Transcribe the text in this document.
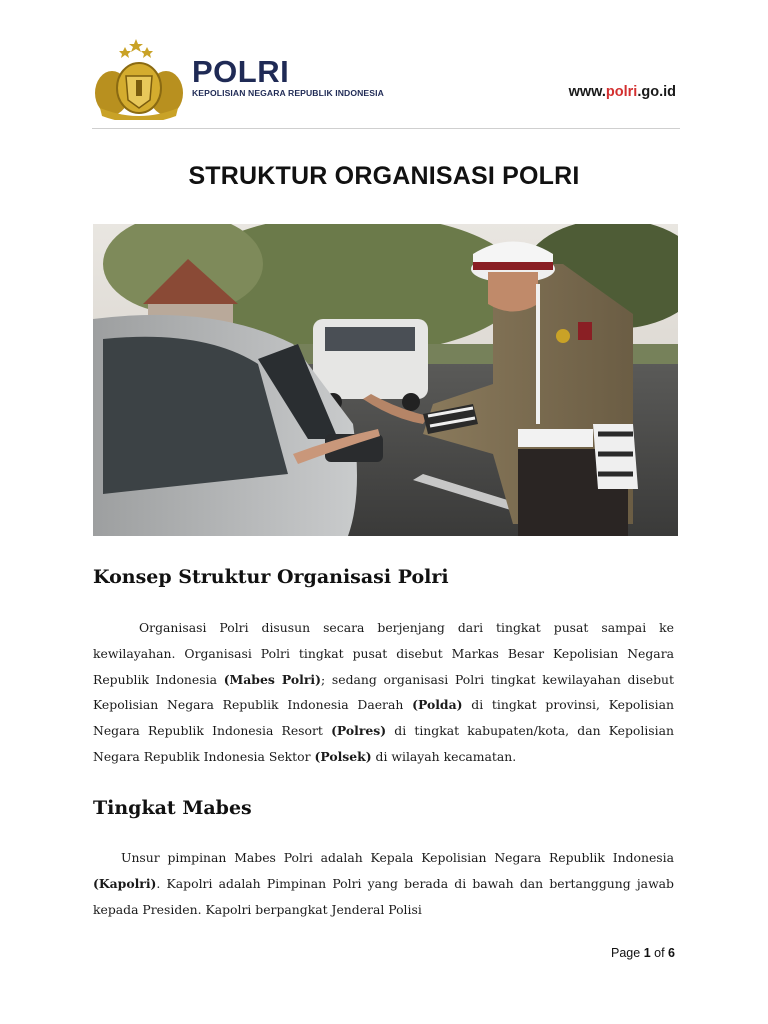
POLRI
KEPOLISIAN NEGARA REPUBLIK INDONESIA	www.polri.go.id
STRUKTUR ORGANISASI POLRI
Konsep Struktur Organisasi Polri
Organisasi Polri disusun secara berjenjang dari tingkat pusat sampai ke kewilayahan. Organisasi Polri tingkat pusat disebut Markas Besar Kepolisian Negara Republik Indonesia (Mabes Polri); sedang organisasi Polri tingkat kewilayahan disebut Kepolisian Negara Republik Indonesia Daerah (Polda) di tingkat provinsi, Kepolisian Negara Republik Indonesia Resort (Polres) di tingkat kabupaten/kota, dan Kepolisian Negara Republik Indonesia Sektor (Polsek) di wilayah kecamatan.
Tingkat Mabes
Unsur pimpinan Mabes Polri adalah Kepala Kepolisian Negara Republik Indonesia (Kapolri). Kapolri adalah Pimpinan Polri yang berada di bawah dan bertanggung jawab kepada Presiden. Kapolri berpangkat Jenderal Polisi
Page 1 of 6
